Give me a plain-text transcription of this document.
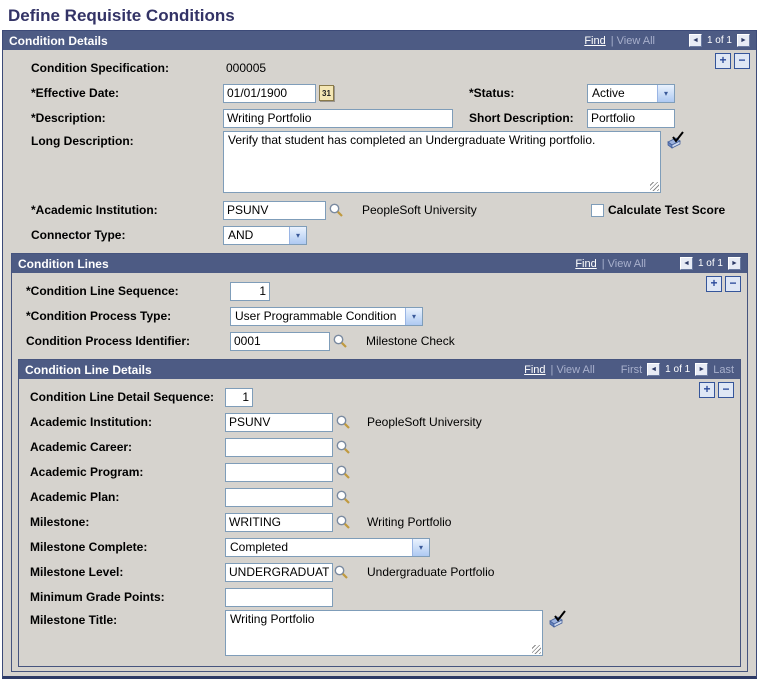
Define Requisite Conditions
Condition Details	Find | View All	◄ 1 of 1	►
+ −
Condition Specification:	000005
*Effective Date:
01/01/1900	31	*Status:	Active	▾
*Description:
Writing Portfolio	Short Description:
Portfolio
Long Description:
Verify that student has completed an Undergraduate Writing portfolio.
*Academic Institution:
PSUNV	PeopleSoft University	Calculate Test Score
Connector Type:	AND	▾
Condition Lines	Find | View All	◄ 1 of 1	►
+ −
*Condition Line Sequence:
1
*Condition Process Type:	User Programmable Condition	▾
Condition Process Identifier:
0001	Milestone Check
Condition Line Details	Find | View All First	◄ 1 of 1	► Last
+ −
Condition Line Detail Sequence:
1
Academic Institution:
PSUNV	PeopleSoft University
Academic Career:
Academic Program:
Academic Plan:
Milestone:
WRITING	Writing Portfolio
Milestone Complete:	Completed	▾
Milestone Level:
UNDERGRADUATE	Undergraduate Portfolio
Minimum Grade Points:
Milestone Title:
Writing Portfolio
